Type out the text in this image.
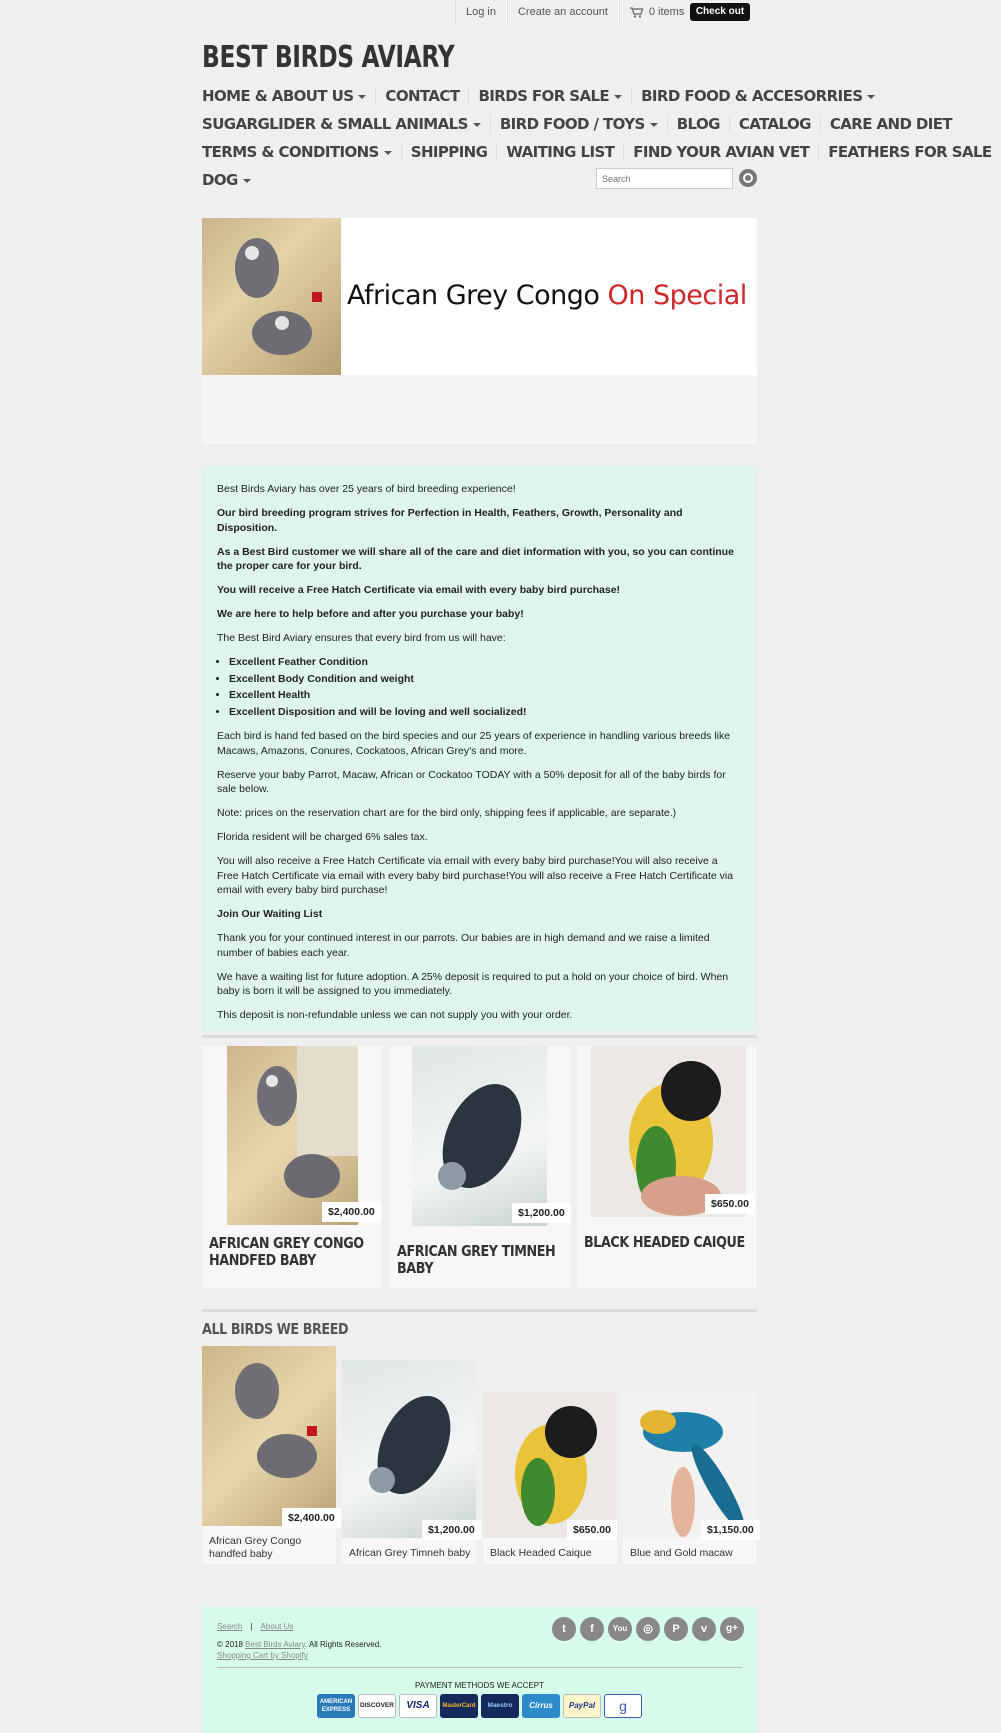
Log in	Create an account	0 items	Check out
BEST BIRDS AVIARY
HOME & ABOUT US	CONTACT	BIRDS FOR SALE	BIRD FOOD & ACCESORRIES
SUGARGLIDER & SMALL ANIMALS	BIRD FOOD / TOYS	BLOG	CATALOG	CARE AND DIET
TERMS & CONDITIONS	SHIPPING	WAITING LIST	FIND YOUR AVIAN VET	FEATHERS FOR SALE
DOG
Search
African Grey Congo On Special

Best Birds Aviary has over 25 years of bird breeding experience!

Our bird breeding program strives for Perfection in Health, Feathers, Growth, Personality and Disposition.

As a Best Bird customer we will share all of the care and diet information with you, so you can continue the proper care for your bird.

You will receive a Free Hatch Certificate via email with every baby bird purchase!

We are here to help before and after you purchase your baby!

The Best Bird Aviary ensures that every bird from us will have:

• Excellent Feather Condition
• Excellent Body Condition and weight
• Excellent Health
• Excellent Disposition and will be loving and well socialized!

Each bird is hand fed based on the bird species and our 25 years of experience in handling various breeds like Macaws, Amazons, Conures, Cockatoos, African Grey's and more.

Reserve your baby Parrot, Macaw, African or Cockatoo TODAY with a 50% deposit for all of the baby birds for sale below.

Note: prices on the reservation chart are for the bird only, shipping fees if applicable, are separate.)

Florida resident will be charged 6% sales tax.

You will also receive a Free Hatch Certificate via email with every baby bird purchase!You will also receive a Free Hatch Certificate via email with every baby bird purchase!You will also receive a Free Hatch Certificate via email with every baby bird purchase!

Join Our Waiting List

Thank you for your continued interest in our parrots. Our babies are in high demand and we raise a limited number of babies each year.

We have a waiting list for future adoption. A 25% deposit is required to put a hold on your choice of bird. When baby is born it will be assigned to you immediately.

This deposit is non-refundable unless we can not supply you with your order.

$2,400.00
AFRICAN GREY CONGO HANDFED BABY
$1,200.00
AFRICAN GREY TIMNEH BABY
$650.00
BLACK HEADED CAIQUE
ALL BIRDS WE BREED
$2,400.00
African Grey Congo handfed baby
$1,200.00
African Grey Timneh baby
$650.00
Black Headed Caique
$1,150.00
Blue and Gold macaw
Search | About Us
© 2018 Best Birds Aviary. All Rights Reserved.
Shopping Cart by Shopify
t	f	You	◎	P	v	g+
PAYMENT METHODS WE ACCEPT
AMERICAN EXPRESS
DISCOVER	VISA	MasterCard	Maestro	Cirrus	PayPal	g
